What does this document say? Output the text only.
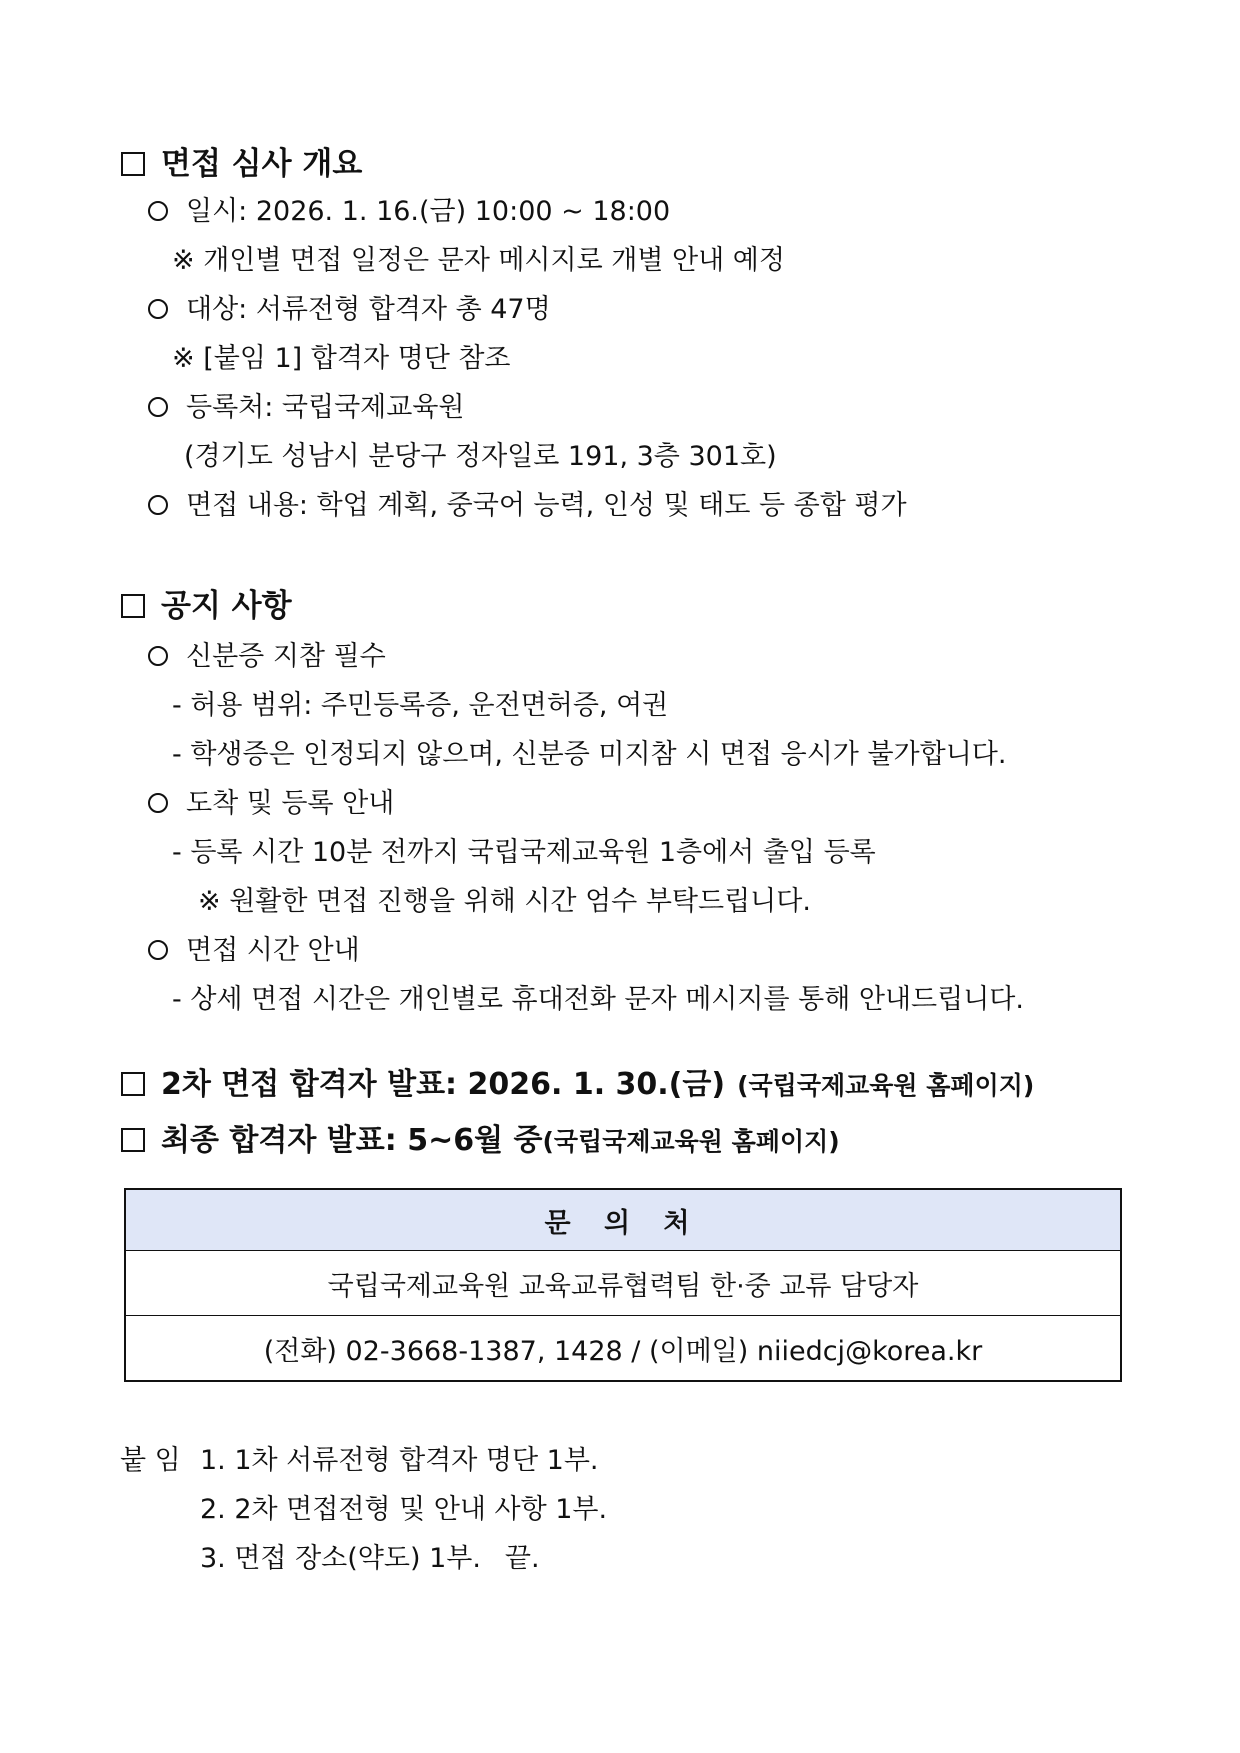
면접 심사 개요
일시: 2026. 1. 16.(금) 10:00 ~ 18:00
※ 개인별 면접 일정은 문자 메시지로 개별 안내 예정
대상: 서류전형 합격자 총 47명
※ [붙임 1] 합격자 명단 참조
등록처: 국립국제교육원
(경기도 성남시 분당구 정자일로 191, 3층 301호)
면접 내용: 학업 계획, 중국어 능력, 인성 및 태도 등 종합 평가
공지 사항
신분증 지참 필수
- 허용 범위: 주민등록증, 운전면허증, 여권
- 학생증은 인정되지 않으며, 신분증 미지참 시 면접 응시가 불가합니다.
도착 및 등록 안내
- 등록 시간 10분 전까지 국립국제교육원 1층에서 출입 등록
※ 원활한 면접 진행을 위해 시간 엄수 부탁드립니다.
면접 시간 안내
- 상세 면접 시간은 개인별로 휴대전화 문자 메시지를 통해 안내드립니다.
2차 면접 합격자 발표: 2026. 1. 30.(금) (국립국제교육원 홈페이지)
최종 합격자 발표: 5~6월 중(국립국제교육원 홈페이지)
문 의 처
국립국제교육원 교육교류협력팀 한·중 교류 담당자
(전화) 02-3668-1387, 1428 / (이메일) niiedcj@korea.kr
붙 임 1. 1차 서류전형 합격자 명단 1부.
2. 2차 면접전형 및 안내 사항 1부.
3. 면접 장소(약도) 1부. 끝.
